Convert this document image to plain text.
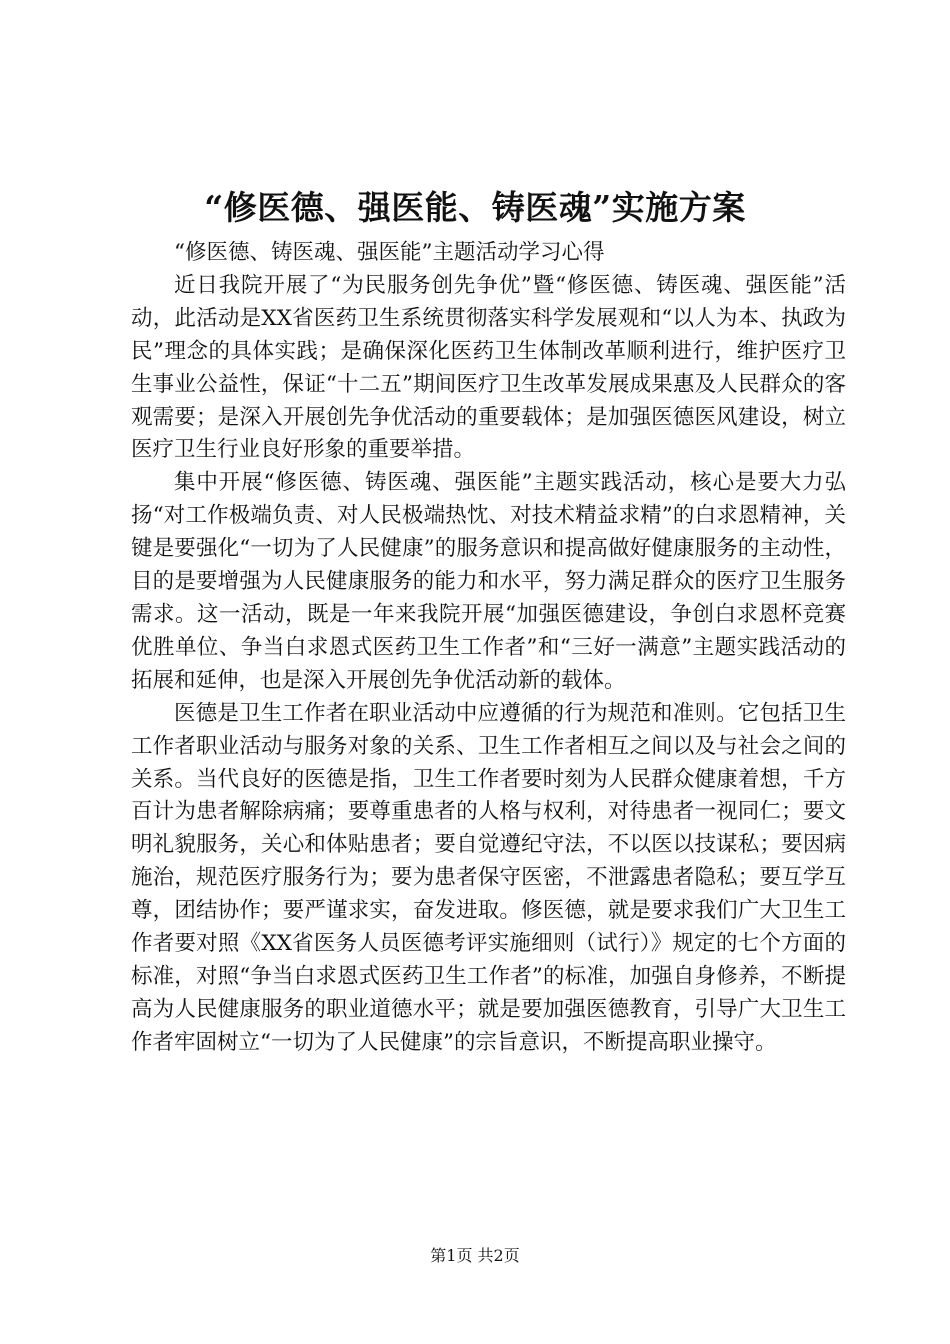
“修医德、强医能、铸医魂”实施方案

“修医德、铸医魂、强医能”主题活动学习心得

近日我院开展了“为民服务创先争优”暨“修医德、铸医魂、强医能”活动，此活动是XX省医药卫生系统贯彻落实科学发展观和“以人为本、执政为民”理念的具体实践；是确保深化医药卫生体制改革顺利进行，维护医疗卫生事业公益性，保证“十二五”期间医疗卫生改革发展成果惠及人民群众的客观需要；是深入开展创先争优活动的重要载体；是加强医德医风建设，树立医疗卫生行业良好形象的重要举措。

集中开展“修医德、铸医魂、强医能”主题实践活动，核心是要大力弘扬“对工作极端负责、对人民极端热忱、对技术精益求精”的白求恩精神，关键是要强化“一切为了人民健康”的服务意识和提高做好健康服务的主动性，目的是要增强为人民健康服务的能力和水平，努力满足群众的医疗卫生服务需求。这一活动，既是一年来我院开展“加强医德建设，争创白求恩杯竞赛优胜单位、争当白求恩式医药卫生工作者”和“三好一满意”主题实践活动的拓展和延伸，也是深入开展创先争优活动新的载体。

医德是卫生工作者在职业活动中应遵循的行为规范和准则。它包括卫生工作者职业活动与服务对象的关系、卫生工作者相互之间以及与社会之间的关系。当代良好的医德是指，卫生工作者要时刻为人民群众健康着想，千方百计为患者解除病痛；要尊重患者的人格与权利，对待患者一视同仁；要文明礼貌服务，关心和体贴患者；要自觉遵纪守法，不以医以技谋私；要因病施治，规范医疗服务行为；要为患者保守医密，不泄露患者隐私；要互学互尊，团结协作；要严谨求实，奋发进取。修医德，就是要求我们广大卫生工作者要对照《XX省医务人员医德考评实施细则（试行）》规定的七个方面的标准，对照“争当白求恩式医药卫生工作者”的标准，加强自身修养，不断提高为人民健康服务的职业道德水平；就是要加强医德教育，引导广大卫生工作者牢固树立“一切为了人民健康”的宗旨意识，不断提高职业操守。

第1页 共2页
